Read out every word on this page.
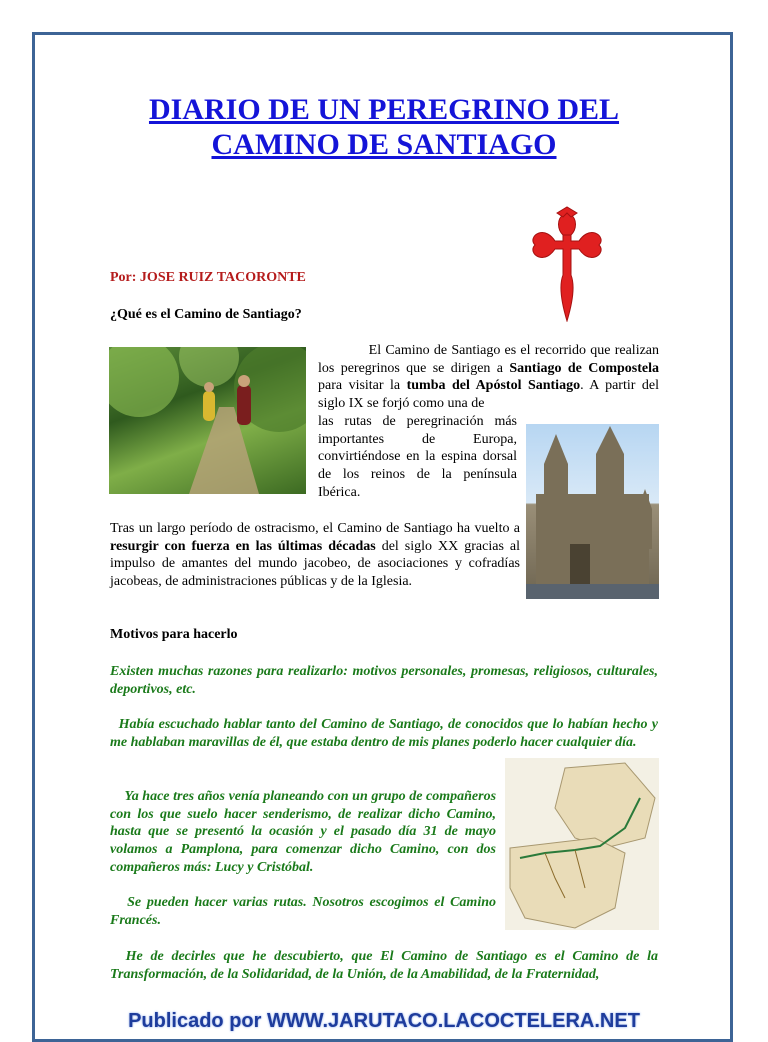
DIARIO DE UN PEREGRINO DEL
CAMINO DE SANTIAGO
Por: JOSE RUIZ TACORONTE
¿Qué es el Camino de Santiago?

El Camino de Santiago es el recorrido que realizan los peregrinos que se dirigen a Santiago de Compostela para visitar la tumba del Apóstol Santiago. A partir del siglo IX se forjó como una de

las rutas de peregrinación más importantes de Europa, convirtiéndose en la espina dorsal de los reinos de la península Ibérica.

Tras un largo período de ostracismo, el Camino de Santiago ha vuelto a resurgir con fuerza en las últimas décadas del siglo XX gracias al impulso de amantes del mundo jacobeo, de asociaciones y cofradías jacobeas, de administraciones públicas y de la Iglesia.

Motivos para hacerlo

Existen muchas razones para realizarlo: motivos personales, promesas, religiosos, culturales, deportivos, etc.

Había escuchado hablar tanto del Camino de Santiago, de conocidos que lo habían hecho y me hablaban maravillas de él, que estaba dentro de mis planes poderlo hacer cualquier día.

Ya hace tres años venía planeando con un grupo de compañeros con los que suelo hacer senderismo, de realizar dicho Camino, hasta que se presentó la ocasión y el pasado día 31 de mayo volamos a Pamplona, para comenzar dicho Camino, con dos compañeros más: Lucy y Cristóbal.

Se pueden hacer varias rutas. Nosotros escogimos el Camino Francés.

He de decirles que he descubierto, que El Camino de Santiago es el Camino de la Transformación, de la Solidaridad, de la Unión, de la Amabilidad, de la Fraternidad,

Publicado por WWW.JARUTACO.LACOCTELERA.NET
